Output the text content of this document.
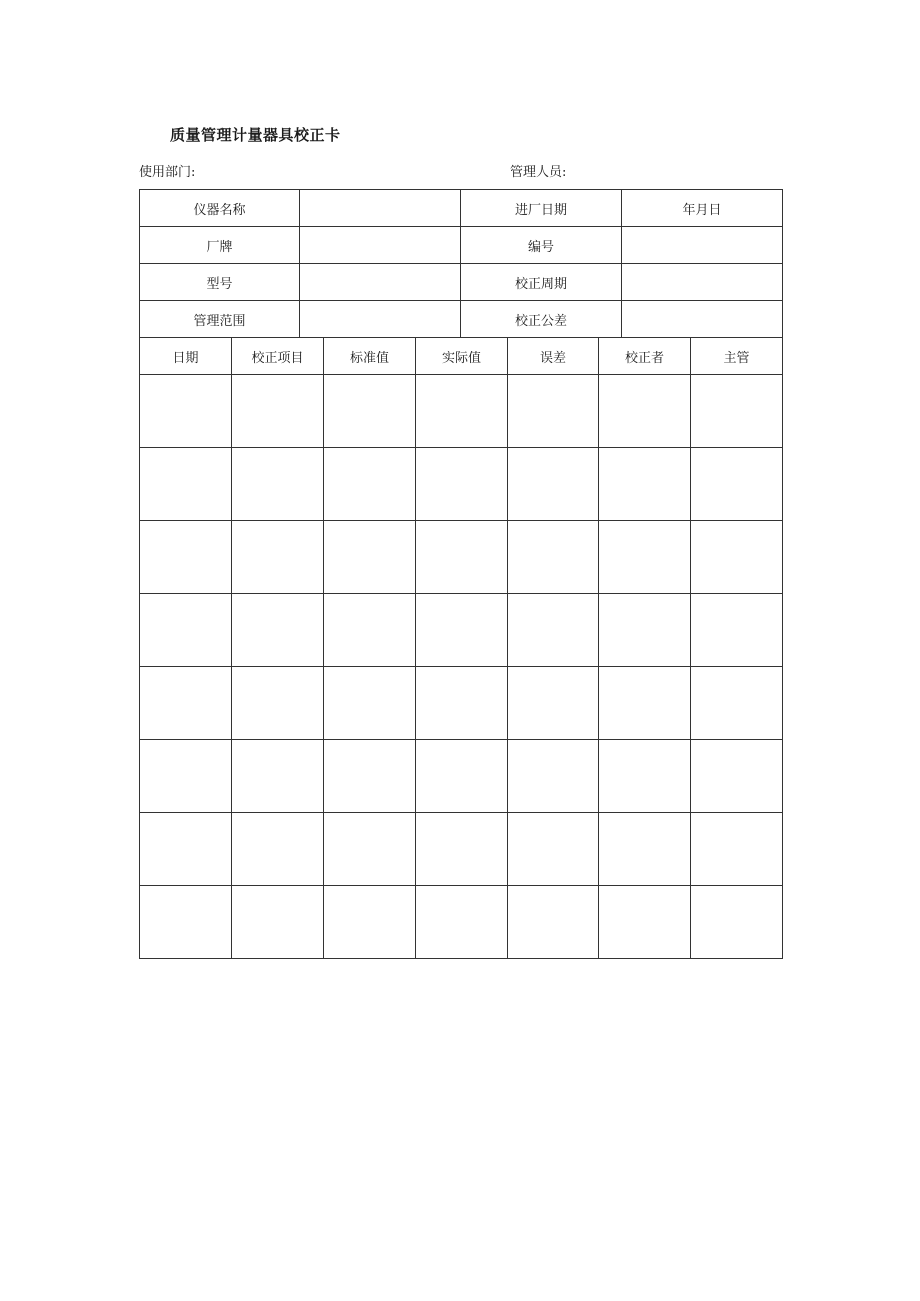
质量管理计量器具校正卡
使用部门:	管理人员:
仪器名称					进厂日期			年月日	
厂牌					编号				
型号					校正周期				
管理范围					校正公差				
日期	校正项目		标准值	实际值		误差	校正者		主管
